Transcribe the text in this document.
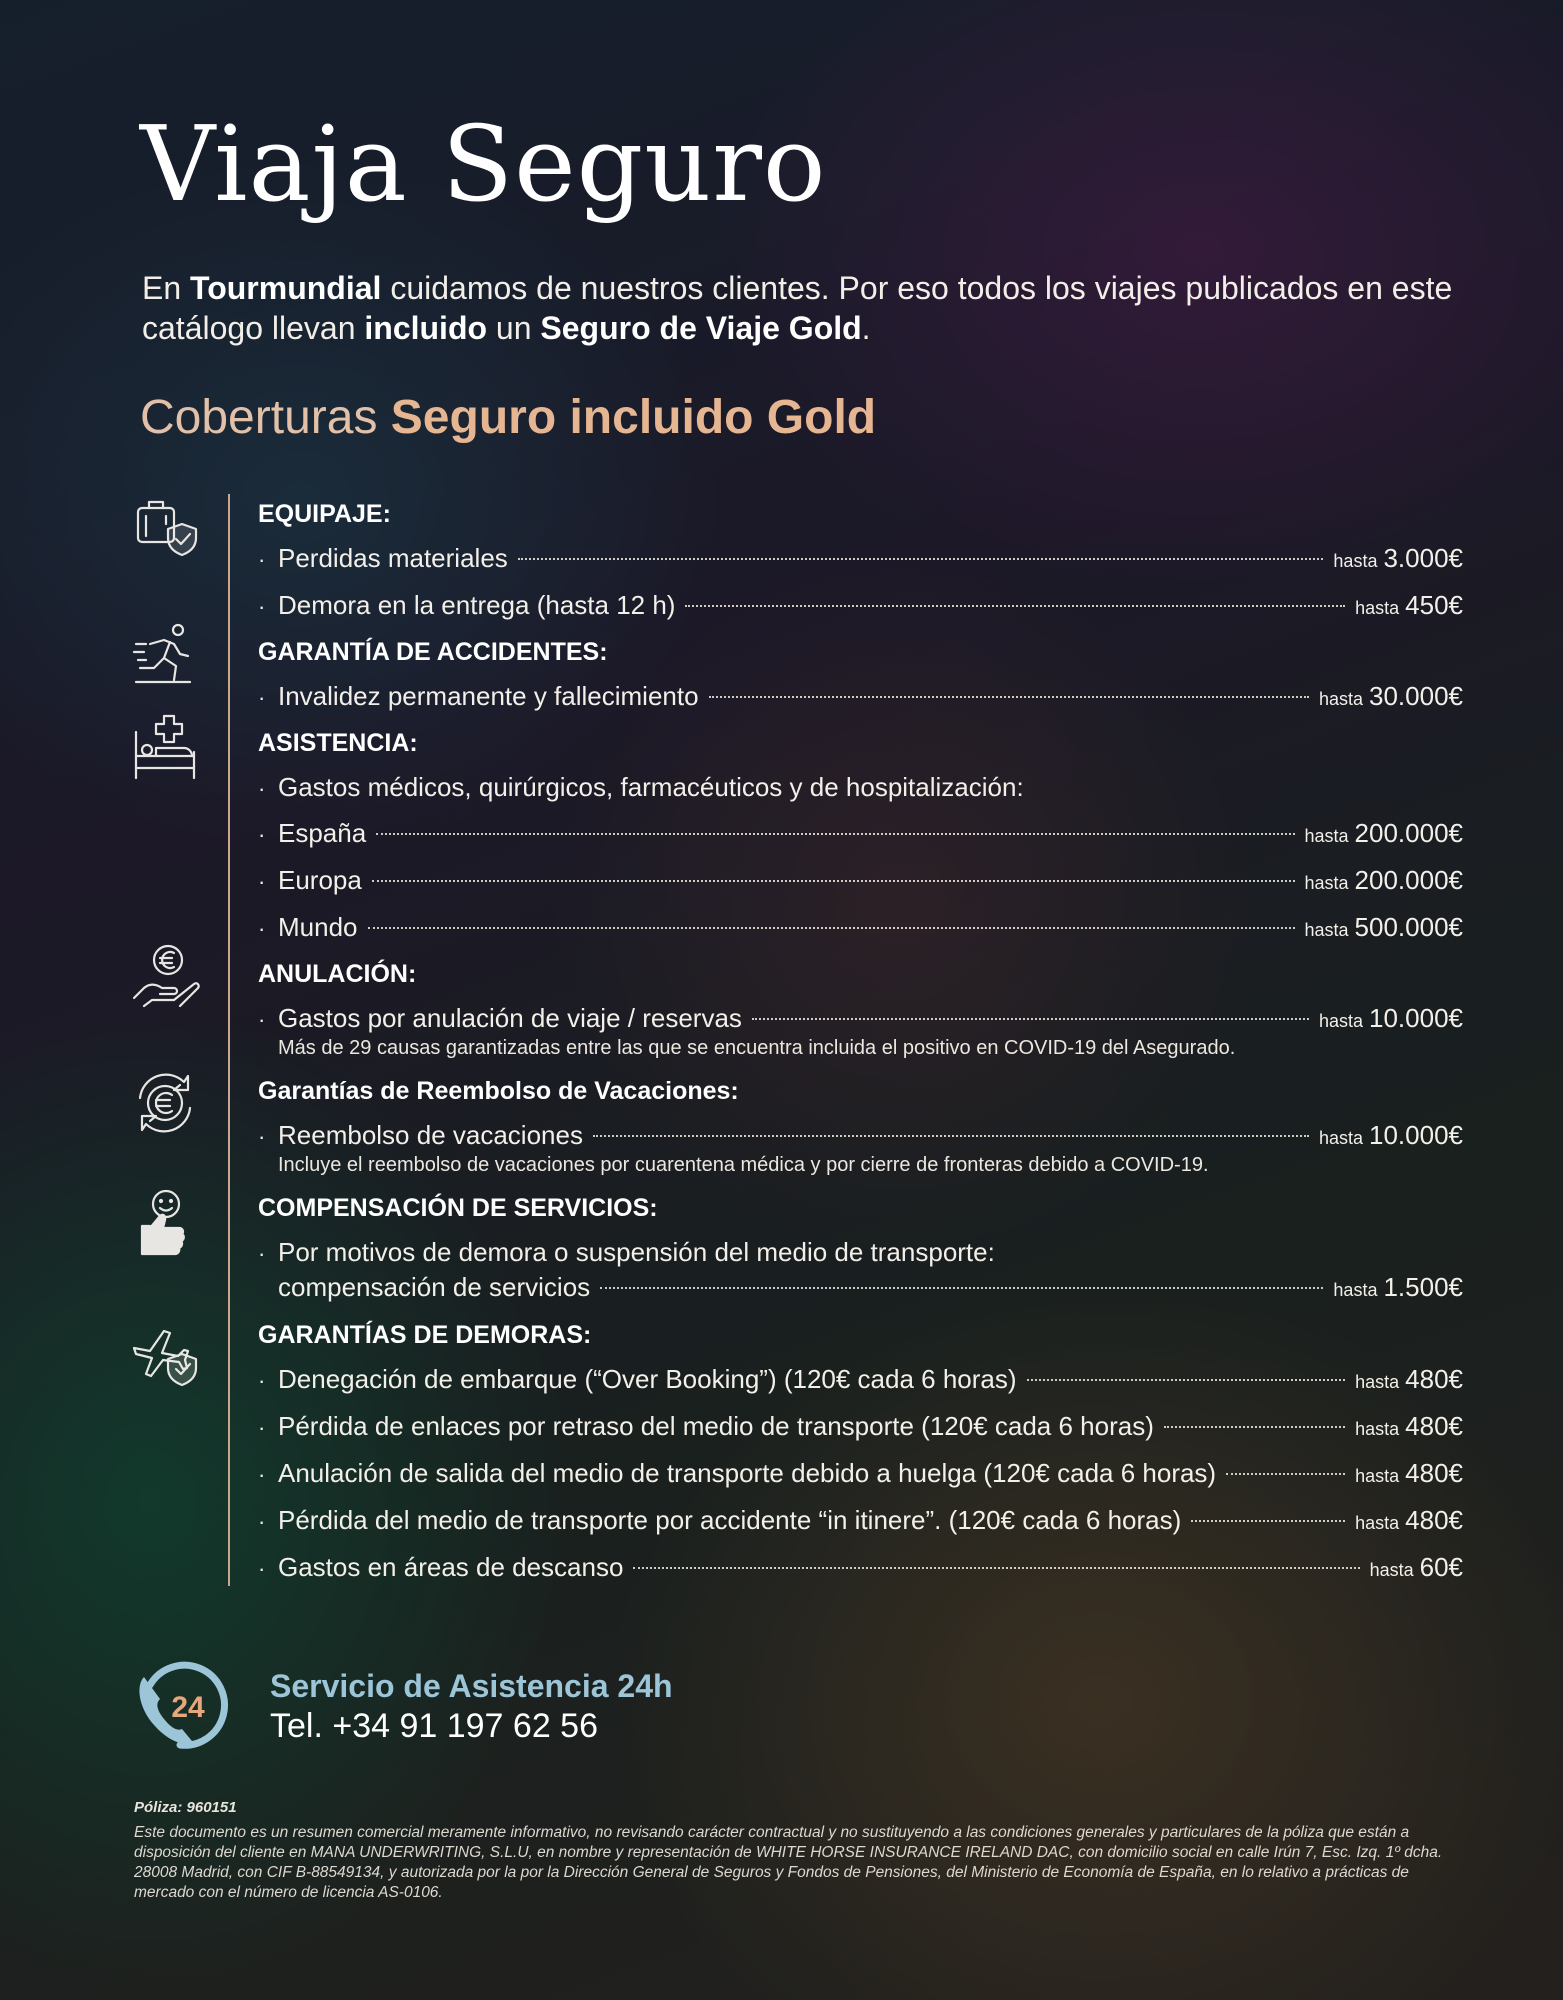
Viaja Seguro

En Tourmundial cuidamos de nuestros clientes. Por eso todos los viajes publicados en este catálogo llevan incluido un Seguro de Viaje Gold.

Coberturas Seguro incluido Gold
EQUIPAJE:
· Perdidas materiales	hasta 3.000€
· Demora en la entrega (hasta 12 h)	hasta 450€
GARANTÍA DE ACCIDENTES:
· Invalidez permanente y fallecimiento	hasta 30.000€
ASISTENCIA:
· Gastos médicos, quirúrgicos, farmacéuticos y de hospitalización:
· España	hasta 200.000€
· Europa	hasta 200.000€
· Mundo	hasta 500.000€
ANULACIÓN:
· Gastos por anulación de viaje / reservas	hasta 10.000€
Más de 29 causas garantizadas entre las que se encuentra incluida el positivo en COVID-19 del Asegurado.
Garantías de Reembolso de Vacaciones:
· Reembolso de vacaciones	hasta 10.000€
Incluye el reembolso de vacaciones por cuarentena médica y por cierre de fronteras debido a COVID-19.
COMPENSACIÓN DE SERVICIOS:
· Por motivos de demora o suspensión del medio de transporte:
compensación de servicios	hasta 1.500€
GARANTÍAS DE DEMORAS:
· Denegación de embarque (“Over Booking”) (120€ cada 6 horas)	hasta 480€
· Pérdida de enlaces por retraso del medio de transporte (120€ cada 6 horas)	hasta 480€
· Anulación de salida del medio de transporte debido a huelga (120€ cada 6 horas)	hasta 480€
· Pérdida del medio de transporte por accidente “in itinere”. (120€ cada 6 horas)	hasta 480€
· Gastos en áreas de descanso	hasta 60€
24
Servicio de Asistencia 24h
Tel. +34 91 197 62 56
Póliza: 960151

Este documento es un resumen comercial meramente informativo, no revisando carácter contractual y no sustituyendo a las condiciones generales y particulares de la póliza que están a disposición del cliente en MANA UNDERWRITING, S.L.U, en nombre y representación de WHITE HORSE INSURANCE IRELAND DAC, con domicilio social en calle Irún 7, Esc. Izq. 1º dcha. 28008 Madrid, con CIF B-88549134, y autorizada por la por la Dirección General de Seguros y Fondos de Pensiones, del Ministerio de Economía de España, en lo relativo a prácticas de mercado con el número de licencia AS-0106.
